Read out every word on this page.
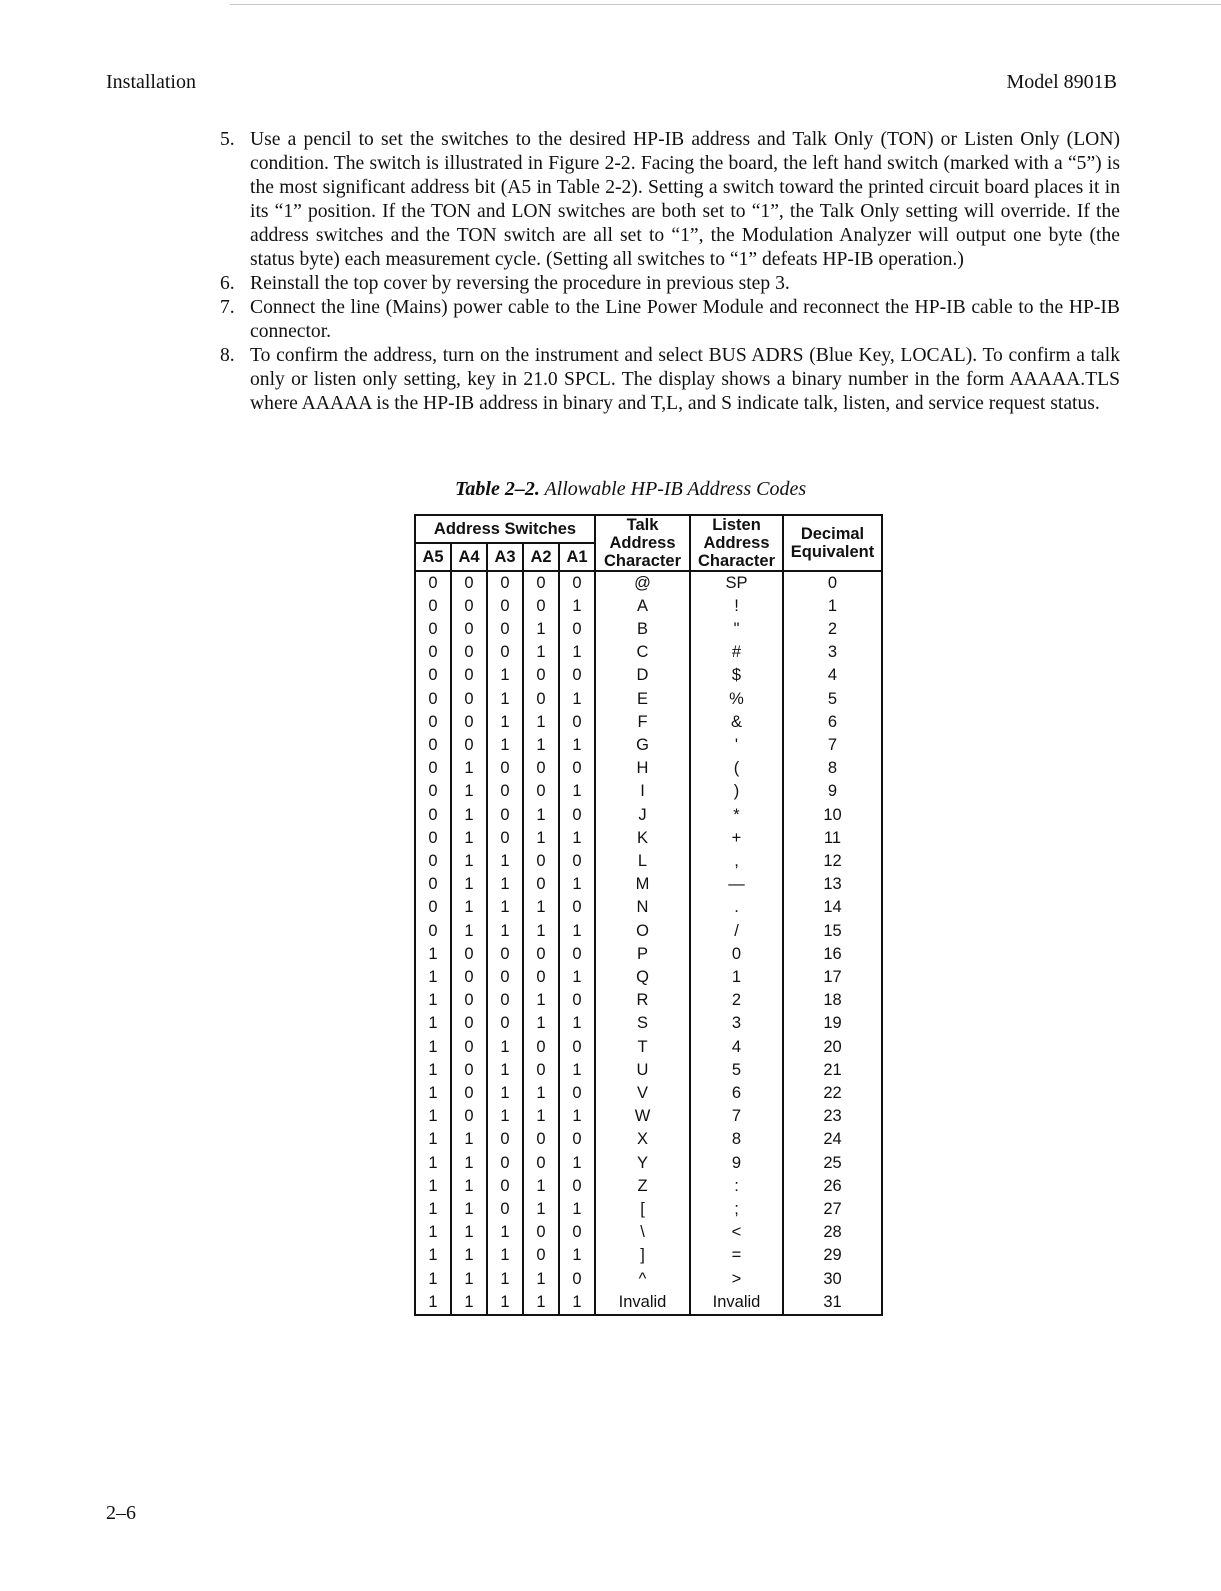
Installation	Model 8901B
5. Use a pencil to set the switches to the desired HP-IB address and Talk Only (TON) or Listen Only (LON) condition. The switch is illustrated in Figure 2-2. Facing the board, the left hand switch (marked with a “5”) is the most significant address bit (A5 in Table 2-2). Setting a switch toward the printed circuit board places it in its “1” position. If the TON and LON switches are both set to “1”, the Talk Only setting will override. If the address switches and the TON switch are all set to “1”, the Modulation Analyzer will output one byte (the status byte) each measurement cycle. (Setting all switches to “1” defeats HP-IB operation.)
6. Reinstall the top cover by reversing the procedure in previous step 3.
7. Connect the line (Mains) power cable to the Line Power Module and reconnect the HP-IB cable to the HP-IB connector.
8. To confirm the address, turn on the instrument and select BUS ADRS (Blue Key, LOCAL). To confirm a talk only or listen only setting, key in 21.0 SPCL. The display shows a binary number in the form AAAAA.TLS where AAAAA is the HP-IB address in binary and T,L, and S indicate talk, listen, and service request status.
Table 2–2. Allowable HP-IB Address Codes
Address Switches					Talk Address Character	Listen Address Character	Decimal Equivalent
A5	A4	A3	A2	A1			
0	0	0	0	0	@	SP	0
0	0	0	0	1	A	!	1
0	0	0	1	0	B	"	2
0	0	0	1	1	C	#	3
0	0	1	0	0	D	$	4
0	0	1	0	1	E	%	5
0	0	1	1	0	F	&	6
0	0	1	1	1	G	'	7
0	1	0	0	0	H	(	8
0	1	0	0	1	I	)	9
0	1	0	1	0	J	*	10
0	1	0	1	1	K	+	11
0	1	1	0	0	L	,	12
0	1	1	0	1	M	—	13
0	1	1	1	0	N	.	14
0	1	1	1	1	O	/	15
1	0	0	0	0	P	0	16
1	0	0	0	1	Q	1	17
1	0	0	1	0	R	2	18
1	0	0	1	1	S	3	19
1	0	1	0	0	T	4	20
1	0	1	0	1	U	5	21
1	0	1	1	0	V	6	22
1	0	1	1	1	W	7	23
1	1	0	0	0	X	8	24
1	1	0	0	1	Y	9	25
1	1	0	1	0	Z	:	26
1	1	0	1	1	[	;	27
1	1	1	0	0	\	<	28
1	1	1	0	1	]	=	29
1	1	1	1	0	^	>	30
1	1	1	1	1	Invalid	Invalid	31
2–6
